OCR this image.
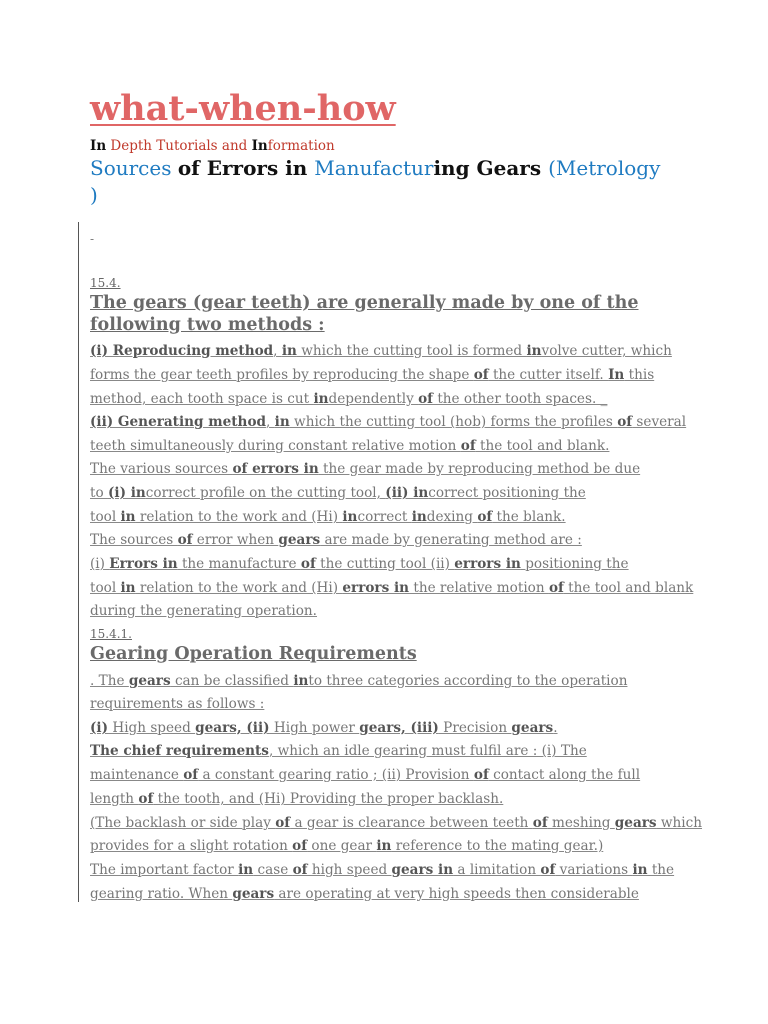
what-when-how
In Depth Tutorials and Information
Sources of Errors in Manufacturing Gears (Metrology
)
-
15.4.
The gears (gear teeth) are generally made by one of the following two methods :
(i) Reproducing method, in which the cutting tool is formed involve cutter, which
forms the gear teeth profiles by reproducing the shape of the cutter itself. In this
method, each tooth space is cut independently of the other tooth spaces. _
(ii) Generating method, in which the cutting tool (hob) forms the profiles of several
teeth simultaneously during constant relative motion of the tool and blank.
The various sources of errors in the gear made by reproducing method be due
to (i) incorrect profile on the cutting tool, (ii) incorrect positioning the
tool in relation to the work and (Hi) incorrect indexing of the blank.
The sources of error when gears are made by generating method are :
(i) Errors in the manufacture of the cutting tool (ii) errors in positioning the
tool in relation to the work and (Hi) errors in the relative motion of the tool and blank
during the generating operation.
15.4.1.
Gearing Operation Requirements
. The gears can be classified into three categories according to the operation
requirements as follows :
(i) High speed gears, (ii) High power gears, (iii) Precision gears.
The chief requirements, which an idle gearing must fulfil are : (i) The
maintenance of a constant gearing ratio ; (ii) Provision of contact along the full
length of the tooth, and (Hi) Providing the proper backlash.
(The backlash or side play of a gear is clearance between teeth of meshing gears which
provides for a slight rotation of one gear in reference to the mating gear.)
The important factor in case of high speed gears in a limitation of variations in the
gearing ratio. When gears are operating at very high speeds then considerable
